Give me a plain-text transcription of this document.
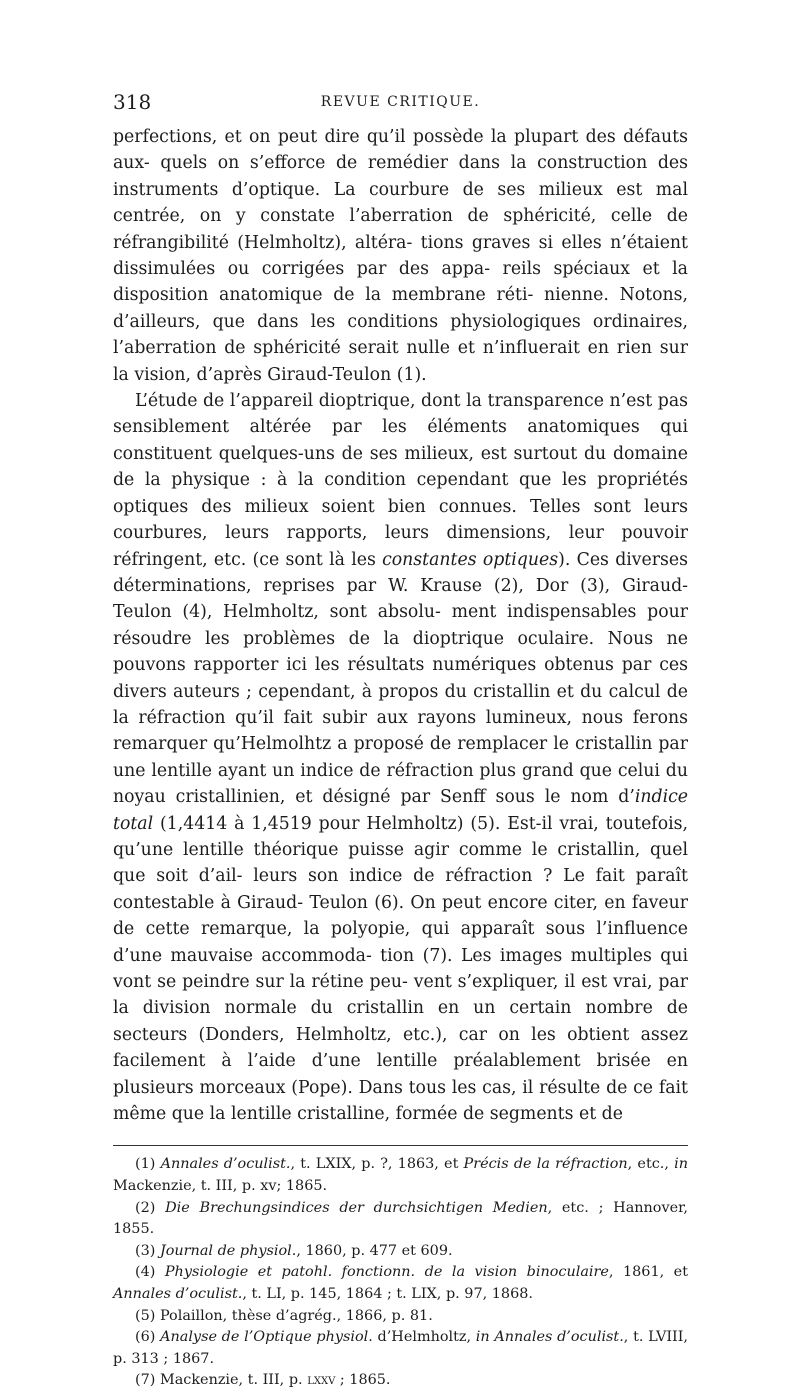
318	REVUE CRITIQUE.

perfections, et on peut dire qu’il possède la plupart des défauts aux- quels on s’efforce de remédier dans la construction des instruments d’optique. La courbure de ses milieux est mal centrée, on y constate l’aberration de sphéricité, celle de réfrangibilité (Helmholtz), altéra- tions graves si elles n’étaient dissimulées ou corrigées par des appa- reils spéciaux et la disposition anatomique de la membrane réti- nienne. Notons, d’ailleurs, que dans les conditions physiologiques ordinaires, l’aberration de sphéricité serait nulle et n’influerait en rien sur la vision, d’après Giraud-Teulon (1).

L’étude de l’appareil dioptrique, dont la transparence n’est pas sensiblement altérée par les éléments anatomiques qui constituent quelques-uns de ses milieux, est surtout du domaine de la physique : à la condition cependant que les propriétés optiques des milieux soient bien connues. Telles sont leurs courbures, leurs rapports, leurs dimensions, leur pouvoir réfringent, etc. (ce sont là les constantes optiques). Ces diverses déterminations, reprises par W. Krause (2), Dor (3), Giraud-Teulon (4), Helmholtz, sont absolu- ment indispensables pour résoudre les problèmes de la dioptrique oculaire. Nous ne pouvons rapporter ici les résultats numériques obtenus par ces divers auteurs ; cependant, à propos du cristallin et du calcul de la réfraction qu’il fait subir aux rayons lumineux, nous ferons remarquer qu’Helmolhtz a proposé de remplacer le cristallin par une lentille ayant un indice de réfraction plus grand que celui du noyau cristallinien, et désigné par Senff sous le nom d’indice total (1,4414 à 1,4519 pour Helmholtz) (5). Est-il vrai, toutefois, qu’une lentille théorique puisse agir comme le cristallin, quel que soit d’ail- leurs son indice de réfraction ? Le fait paraît contestable à Giraud- Teulon (6). On peut encore citer, en faveur de cette remarque, la polyopie, qui apparaît sous l’influence d’une mauvaise accommoda- tion (7). Les images multiples qui vont se peindre sur la rétine peu- vent s’expliquer, il est vrai, par la division normale du cristallin en un certain nombre de secteurs (Donders, Helmholtz, etc.), car on les obtient assez facilement à l’aide d’une lentille préalablement brisée en plusieurs morceaux (Pope). Dans tous les cas, il résulte de ce fait même que la lentille cristalline, formée de segments et de

(1) Annales d’oculist., t. LXIX, p. ?, 1863, et Précis de la réfraction, etc., in Mackenzie, t. III, p. xv; 1865.

(2) Die Brechungsindices der durchsichtigen Medien, etc. ; Hannover, 1855.

(3) Journal de physiol., 1860, p. 477 et 609.

(4) Physiologie et patohl. fonctionn. de la vision binoculaire, 1861, et Annales d’oculist., t. LI, p. 145, 1864 ; t. LIX, p. 97, 1868.

(5) Polaillon, thèse d’agrég., 1866, p. 81.

(6) Analyse de l’Optique physiol. d’Helmholtz, in Annales d’oculist., t. LVIII, p. 313 ; 1867.

(7) Mackenzie, t. III, p. lxxv ; 1865.
